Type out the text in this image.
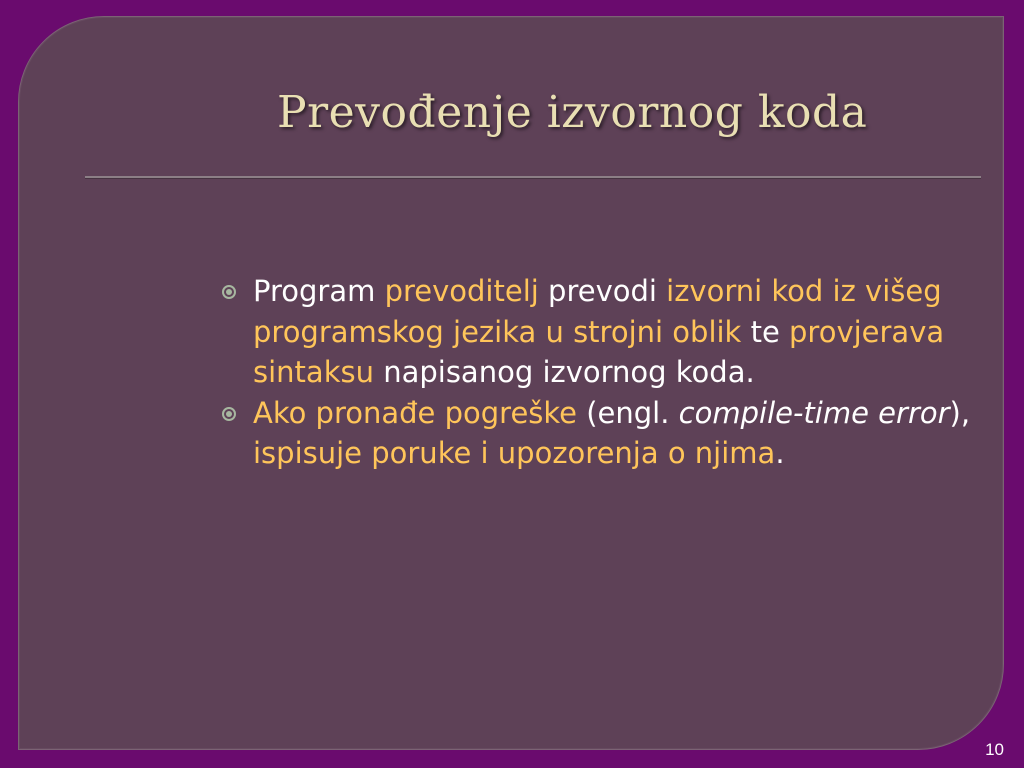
Prevođenje izvornog koda
Program prevoditelj prevodi izvorni kod iz višeg programskog jezika u strojni oblik te provjerava sintaksu napisanog izvornog koda.
Ako pronađe pogreške (engl. compile-time error), ispisuje poruke i upozorenja o njima.
10
